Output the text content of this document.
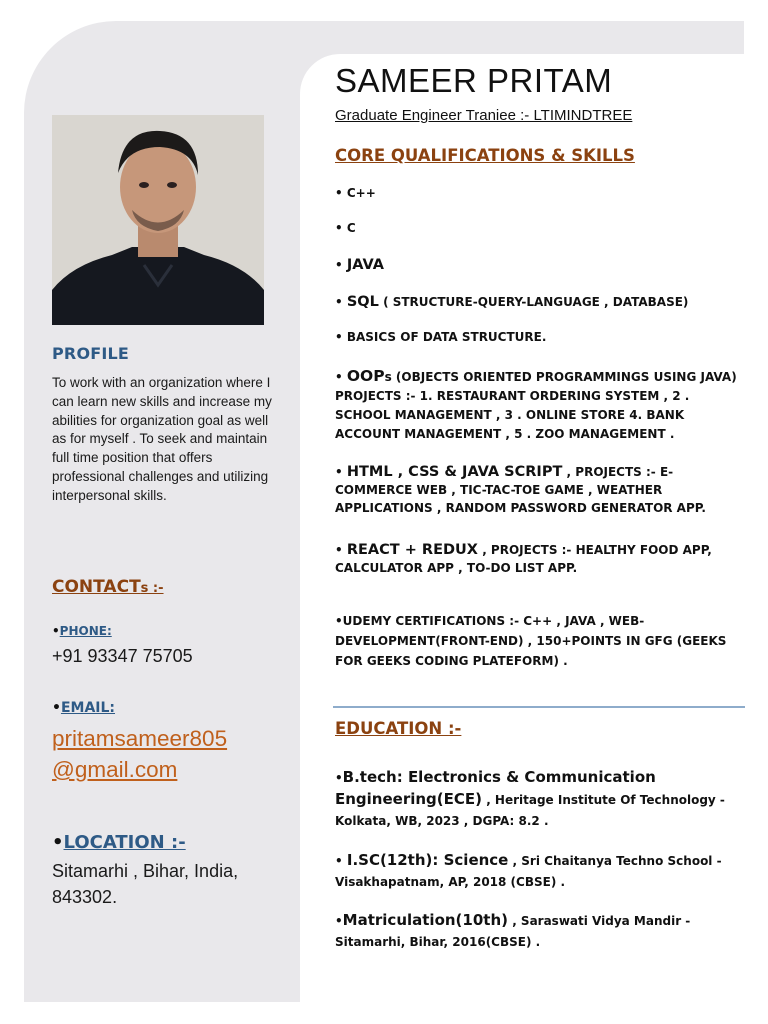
PROFILE
To work with an organization where I can learn new skills and increase my abilities for organization goal as well as for myself . To seek and maintain full time position that offers professional challenges and utilizing interpersonal skills.
CONTACTs :-
•PHONE:
+91 93347 75705
•EMAIL:
pritamsameer805 @gmail.com
•LOCATION :-
Sitamarhi , Bihar, India, 843302.
SAMEER PRITAM
Graduate Engineer Traniee :- LTIMINDTREE
CORE QUALIFICATIONS & SKILLS
• C++
• C
• JAVA
• SQL ( STRUCTURE-QUERY-LANGUAGE , DATABASE)
• BASICS OF DATA STRUCTURE.
• OOPs (OBJECTS ORIENTED PROGRAMMINGS USING JAVA) PROJECTS :- 1. RESTAURANT ORDERING SYSTEM , 2 . SCHOOL MANAGEMENT , 3 . ONLINE STORE 4. BANK ACCOUNT MANAGEMENT , 5 . ZOO MANAGEMENT .
• HTML , CSS & JAVA SCRIPT , PROJECTS :- E-COMMERCE WEB , TIC-TAC-TOE GAME , WEATHER APPLICATIONS , RANDOM PASSWORD GENERATOR APP.
• REACT + REDUX , PROJECTS :- HEALTHY FOOD APP, CALCULATOR APP , TO-DO LIST APP.
•UDEMY CERTIFICATIONS :- C++ , JAVA , WEB-DEVELOPMENT(FRONT-END) , 150+POINTS IN GFG (GEEKS FOR GEEKS CODING PLATEFORM) .
EDUCATION :-
•B.tech: Electronics & Communication Engineering(ECE) , Heritage Institute Of Technology - Kolkata, WB, 2023 , DGPA: 8.2 .
• I.SC(12th): Science , Sri Chaitanya Techno School - Visakhapatnam, AP, 2018 (CBSE) .
•Matriculation(10th) , Saraswati Vidya Mandir - Sitamarhi, Bihar, 2016(CBSE) .
